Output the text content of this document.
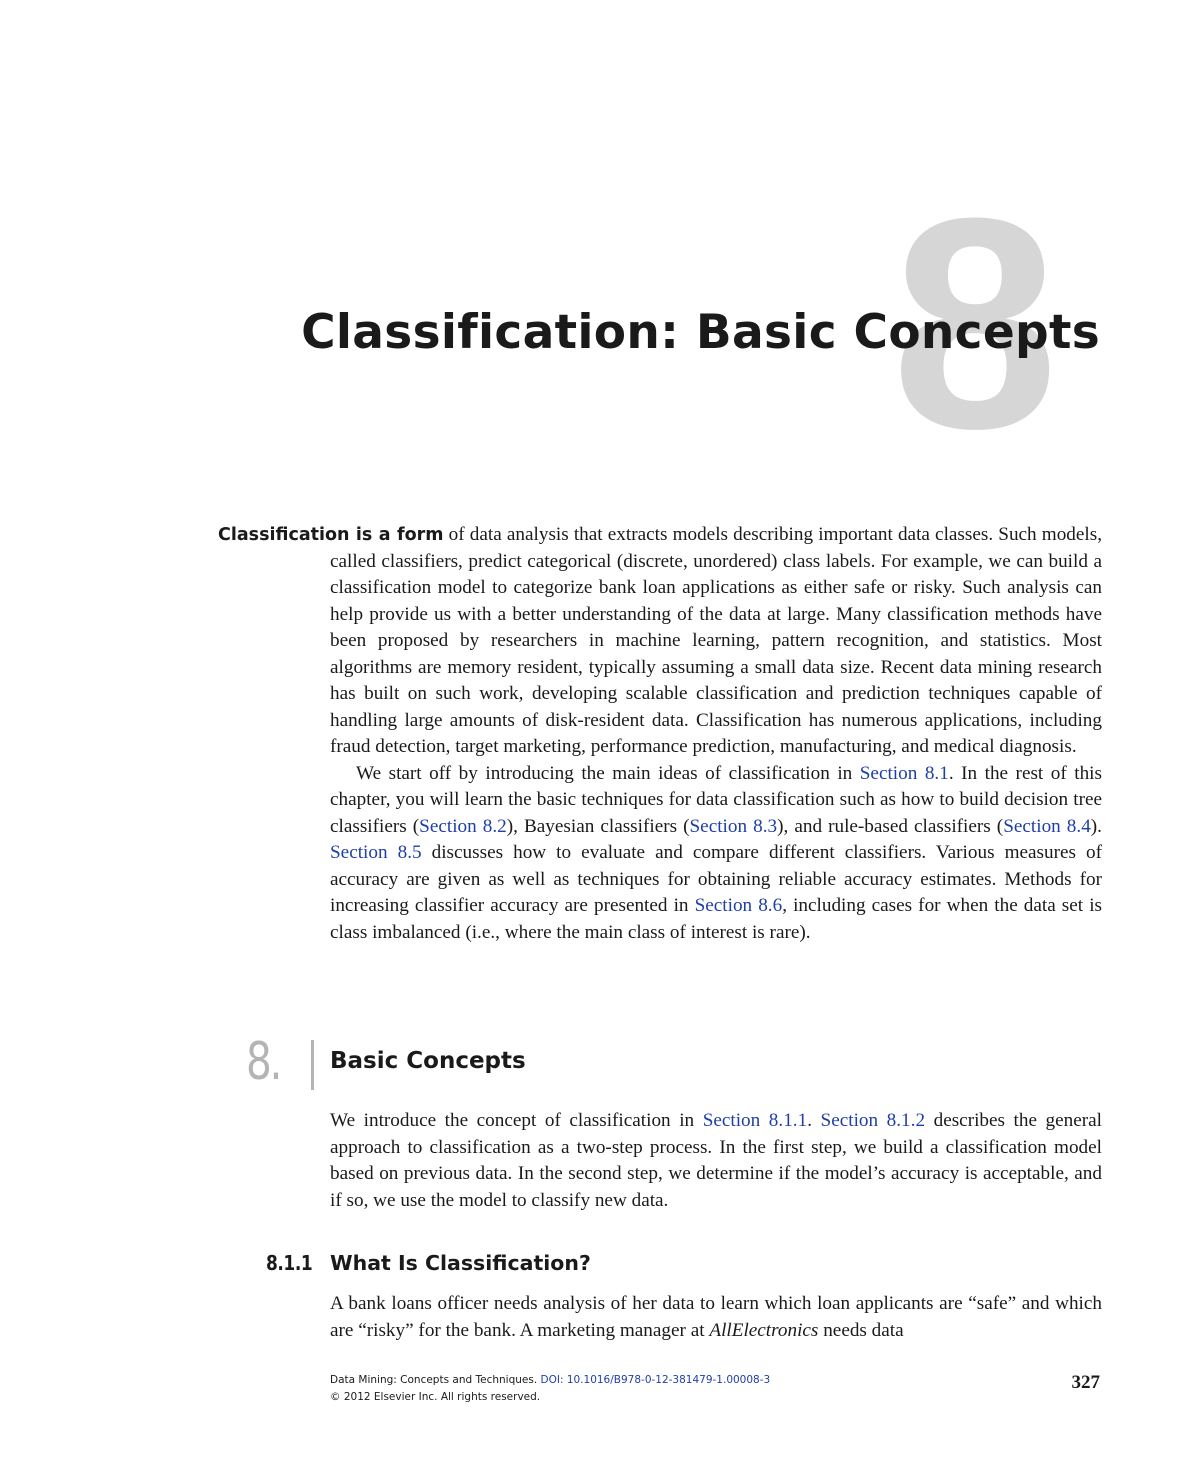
8
Classification: Basic Concepts

Classification is a form of data analysis that extracts models describing important data classes. Such models, called classifiers, predict categorical (discrete, unordered) class labels. For example, we can build a classification model to categorize bank loan applications as either safe or risky. Such analysis can help provide us with a better understanding of the data at large. Many classification methods have been proposed by researchers in machine learning, pattern recognition, and statistics. Most algorithms are memory resident, typically assuming a small data size. Recent data mining research has built on such work, developing scalable classification and prediction techniques capable of handling large amounts of disk-resident data. Classification has numerous applications, including fraud detection, target marketing, performance prediction, manufacturing, and medical diagnosis.

We start off by introducing the main ideas of classification in Section 8.1. In the rest of this chapter, you will learn the basic techniques for data classification such as how to build decision tree classifiers (Section 8.2), Bayesian classifiers (Section 8.3), and rule-based classifiers (Section 8.4). Section 8.5 discusses how to evaluate and compare different classifiers. Various measures of accuracy are given as well as techniques for obtaining reliable accuracy estimates. Methods for increasing classifier accuracy are presented in Section 8.6, including cases for when the data set is class imbalanced (i.e., where the main class of interest is rare).

8. Basic Concepts

We introduce the concept of classification in Section 8.1.1. Section 8.1.2 describes the general approach to classification as a two-step process. In the first step, we build a classification model based on previous data. In the second step, we determine if the model’s accuracy is acceptable, and if so, we use the model to classify new data.

8.1.1 What Is Classification?

A bank loans officer needs analysis of her data to learn which loan applicants are “safe” and which are “risky” for the bank. A marketing manager at AllElectronics needs data

Data Mining: Concepts and Techniques. DOI: 10.1016/B978-0-12-381479-1.00008-3
© 2012 Elsevier Inc. All rights reserved.
327
